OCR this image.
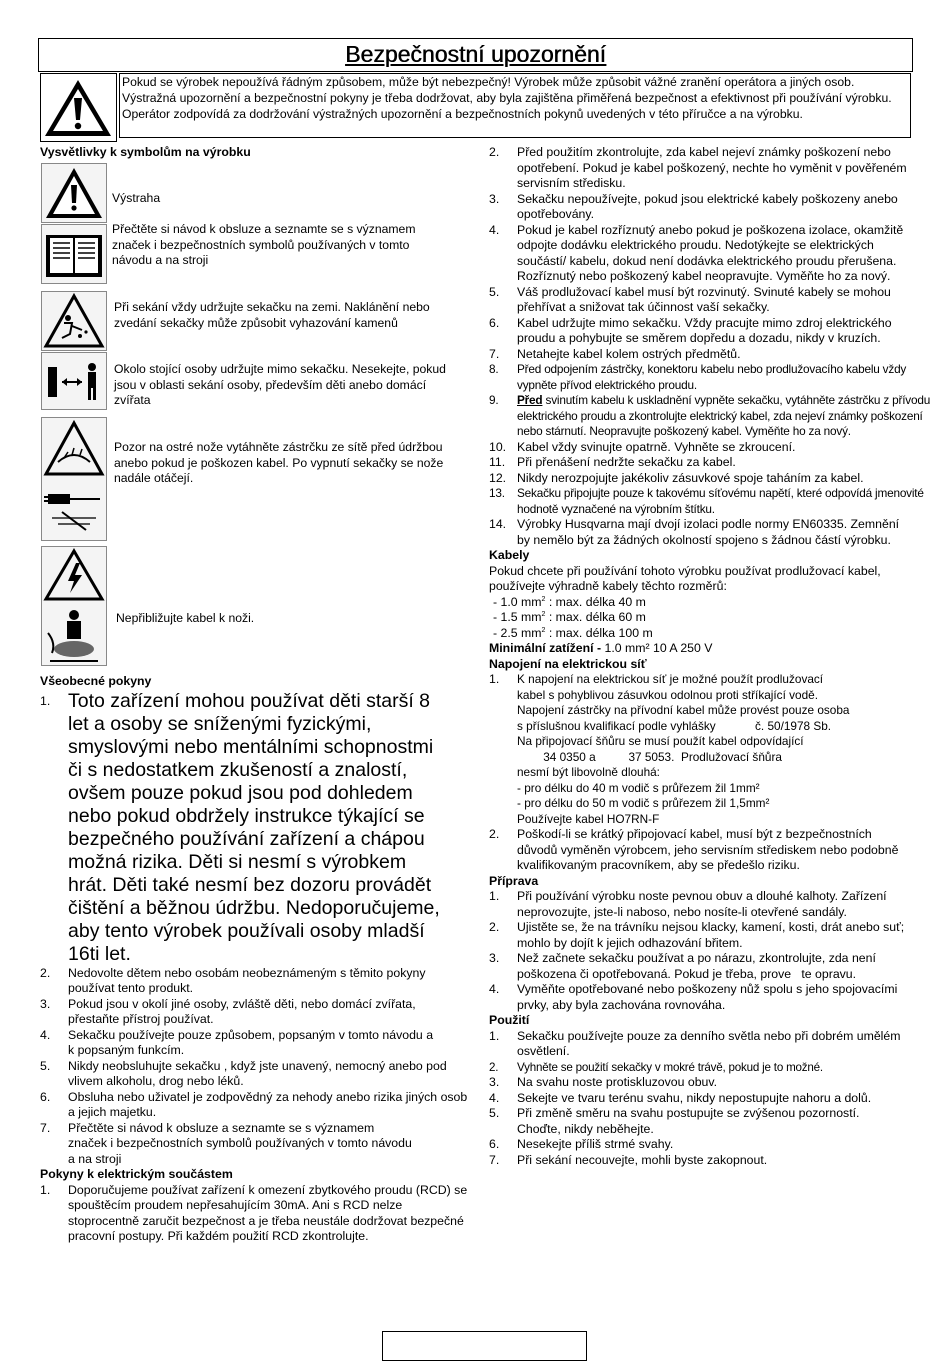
Bezpečnostní upozornění
Pokud se výrobek nepoužívá řádným způsobem, může být nebezpečný! Výrobek může způsobit vážné zranění operátora a jiných osob. Výstražná upozornění a bezpečnostní pokyny je třeba dodržovat, aby byla zajištěna přiměřená bezpečnost a efektivnost při používání výrobku. Operátor zodpovídá za dodržování výstražných upozornění a bezpečnostních pokynů uvedených v této příručce a na výrobku.
Vysvětlivky k symbolům na výrobku
Výstraha
Přečtěte si návod k obsluze a seznamte se s významem značek i bezpečnostních symbolů používaných v tomto návodu a na stroji
Při sekání vždy udržujte sekačku na zemi. Naklánění nebo zvedání sekačky může způsobit vyhazování kamenů
Okolo stojící osoby udržujte mimo sekačku. Nesekejte, pokud jsou v oblasti sekání osoby, především děti anebo domácí zvířata
Pozor na ostré nože vytáhněte zástrčku ze sítě před údržbou anebo pokud je poškozen kabel. Po vypnutí sekačky se nože nadále otáčejí.
Nepřibližujte kabel k noži.
Všeobecné pokyny
1. Toto zařízení mohou používat děti starší 8 let a osoby se sníženými fyzickými, smyslovými nebo mentálními schopnostmi či s nedostatkem zkušeností a znalostí, ovšem pouze pokud jsou pod dohledem nebo pokud obdržely instrukce týkající se bezpečného používání zařízení a chápou možná rizika. Děti si nesmí s výrobkem hrát. Děti také nesmí bez dozoru provádět čištění a běžnou údržbu. Nedoporučujeme, aby tento výrobek používali osoby mladší 16ti let.
2. Nedovolte dětem nebo osobám neobeznámeným s těmito pokyny používat tento produkt.
3. Pokud jsou v okolí jiné osoby, zvláště děti, nebo domácí zvířata, přestaňte přístroj používat.
4. Sekačku používejte pouze způsobem, popsaným v tomto návodu a k popsaným funkcím.
5. Nikdy neobsluhujte sekačku , když jste unavený, nemocný anebo pod vlivem alkoholu, drog nebo léků.
6. Obsluha nebo uživatel je zodpovědný za nehody anebo rizika jiných osob a jejich majetku.
7. Přečtěte si návod k obsluze a seznamte se s významem značek i bezpečnostních symbolů používaných v tomto návodu a na stroji
Pokyny k elektrickým součástem
1. Doporučujeme používat zařízení k omezení zbytkového proudu (RCD) se spouštěcím proudem nepřesahujícím 30mA. Ani s RCD nelze stoprocentně zaručit bezpečnost a je třeba neustále dodržovat bezpečné pracovní postupy. Při každém použití RCD zkontrolujte.
2. Před použitím zkontrolujte, zda kabel nejeví známky poškození nebo opotřebení. Pokud je kabel poškozený, nechte ho vyměnit v pověřeném servisním středisku.
3. Sekačku nepoužívejte, pokud jsou elektrické kabely poškozeny anebo opotřebovány.
4. Pokud je kabel rozříznutý anebo pokud je poškozena izolace, okamžitě odpojte dodávku elektrického proudu. Nedotýkejte se elektrických součástí/ kabelu, dokud není dodávka elektrického proudu přerušena. Rozříznutý nebo poškozený kabel neopravujte. Vyměňte ho za nový.
5. Váš prodlužovací kabel musí být rozvinutý. Svinuté kabely se mohou přehřívat a snižovat tak účinnost vaší sekačky.
6. Kabel udržujte mimo sekačku. Vždy pracujte mimo zdroj elektrického proudu a pohybujte se směrem dopředu a dozadu, nikdy v kruzích.
7. Netahejte kabel kolem ostrých předmětů.
8. Před odpojením zástrčky, konektoru kabelu nebo prodlužovacího kabelu vždy vypněte přívod elektrického proudu.
9. Před svinutím kabelu k uskladnění vypněte sekačku, vytáhněte zástrčku z přívodu elektrického proudu a zkontrolujte elektrický kabel, zda nejeví známky poškození nebo stárnutí. Neopravujte poškozený kabel. Vyměňte ho za nový.
10. Kabel vždy svinujte opatrně. Vyhněte se zkroucení.
11. Při přenášení nedržte sekačku za kabel.
12. Nikdy nerozpojujte jakékoliv zásuvkové spoje taháním za kabel.
13. Sekačku připojujte pouze k takovému síťovému napětí, které odpovídá jmenovité hodnotě vyznačené na výrobním štítku.
14. Výrobky Husqvarna mají dvojí izolaci podle normy EN60335. Zemnění by nemělo být za žádných okolností spojeno s žádnou částí výrobku.
Kabely
Pokud chcete při používání tohoto výrobku používat prodlužovací kabel, používejte výhradně kabely těchto rozměrů:
- 1.0 $mm^2$ : max. délka 40 m
- 1.5 $mm^2$ : max. délka 60 m
- 2.5 $mm^2$ : max. délka 100 m
Minimální zatížení - 1.0 mm² 10 A 250 V
Napojení na elektrickou síť
1. K napojení na elektrickou síť je možné použít prodlužovací
kabel s pohyblivou zásuvkou odolnou proti stříkající vodě.
Napojení zástrčky na přívodní kabel může provést pouze osoba
s příslušnou kvalifikací podle vyhlášky            č. 50/1978 Sb.
Na připojovací šňůru se musí použít kabel odpovídající
34 0350 a          37 5053.  Prodlužovací šňůra
nesmí být libovolně dlouhá:
- pro délku do 40 m vodič s průřezem žil 1mm²
- pro délku do 50 m vodič s průřezem žil 1,5mm²
Používejte kabel HO7RN-F
2. Poškodí-li se krátký připojovací kabel, musí být z bezpečnostních důvodů vyměněn výrobcem, jeho servisním střediskem nebo podobně kvalifikovaným pracovníkem, aby se předešlo riziku.
Příprava
1. Při používání výrobku noste pevnou obuv a dlouhé kalhoty. Zařízení neprovozujte, jste-li naboso, nebo nosíte-li otevřené sandály.
2. Ujistěte se, že na trávníku nejsou klacky, kamení, kosti, drát anebo suť; mohlo by dojít k jejich odhazování břitem.
3. Než začnete sekačku používat a po nárazu, zkontrolujte, zda není poškozena či opotřebovaná. Pokud je třeba, prove   te opravu.
4. Vyměňte opotřebované nebo poškozeny nůž spolu s jeho spojovacími prvky, aby byla zachována rovnováha.
Použití
1. Sekačku používejte pouze za denního světla nebo při dobrém umělém osvětlení.
2. Vyhněte se použití sekačky v mokré trávě, pokud je to možné.
3. Na svahu noste protiskluzovou obuv.
4. Sekejte ve tvaru terénu svahu, nikdy nepostupujte nahoru a dolů.
5. Při změně směru na svahu postupujte se zvýšenou pozorností. Choďte, nikdy neběhejte.
6. Nesekejte příliš strmé svahy.
7. Při sekání necouvejte, mohli byste zakopnout.
